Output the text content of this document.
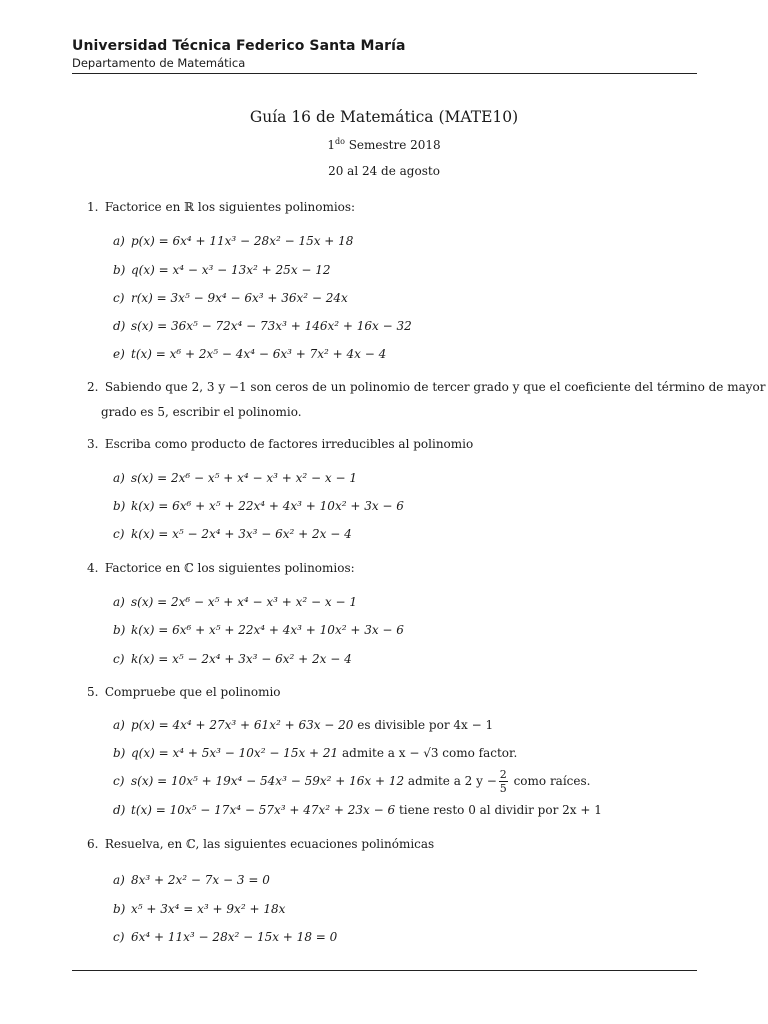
Universidad Técnica Federico Santa María
Departamento de Matemática
Guía 16 de Matemática (MATE10)
$1^{do}$ Semestre 2018
20 al 24 de agosto
1. Factorice en ℝ los siguientes polinomios:
a) p(x) = 6x⁴ + 11x³ − 28x² − 15x + 18
b) q(x) = x⁴ − x³ − 13x² + 25x − 12
c) r(x) = 3x⁵ − 9x⁴ − 6x³ + 36x² − 24x
d) s(x) = 36x⁵ − 72x⁴ − 73x³ + 146x² + 16x − 32
e) t(x) = x⁶ + 2x⁵ − 4x⁴ − 6x³ + 7x² + 4x − 4
2. Sabiendo que 2, 3 y −1 son ceros de un polinomio de tercer grado y que el coeficiente del término de mayor
grado es 5, escribir el polinomio.
3. Escriba como producto de factores irreducibles al polinomio
a) s(x) = 2x⁶ − x⁵ + x⁴ − x³ + x² − x − 1
b) k(x) = 6x⁶ + x⁵ + 22x⁴ + 4x³ + 10x² + 3x − 6
c) k(x) = x⁵ − 2x⁴ + 3x³ − 6x² + 2x − 4
4. Factorice en ℂ los siguientes polinomios:
a) s(x) = 2x⁶ − x⁵ + x⁴ − x³ + x² − x − 1
b) k(x) = 6x⁶ + x⁵ + 22x⁴ + 4x³ + 10x² + 3x − 6
c) k(x) = x⁵ − 2x⁴ + 3x³ − 6x² + 2x − 4
5. Compruebe que el polinomio
a) p(x) = 4x⁴ + 27x³ + 61x² + 63x − 20 es divisible por 4x − 1
b) q(x) = x⁴ + 5x³ − 10x² − 15x + 21 admite a x − √3 como factor.
c) s(x) = 10x⁵ + 19x⁴ − 54x³ − 59x² + 16x + 12 admite a 2 $y - \frac{2}{5}$ como raíces.
d) t(x) = 10x⁵ − 17x⁴ − 57x³ + 47x² + 23x − 6 tiene resto 0 al dividir por 2x + 1
6. Resuelva, en ℂ, las siguientes ecuaciones polinómicas
a) 8x³ + 2x² − 7x − 3 = 0
b) x⁵ + 3x⁴ = x³ + 9x² + 18x
c) 6x⁴ + 11x³ − 28x² − 15x + 18 = 0
